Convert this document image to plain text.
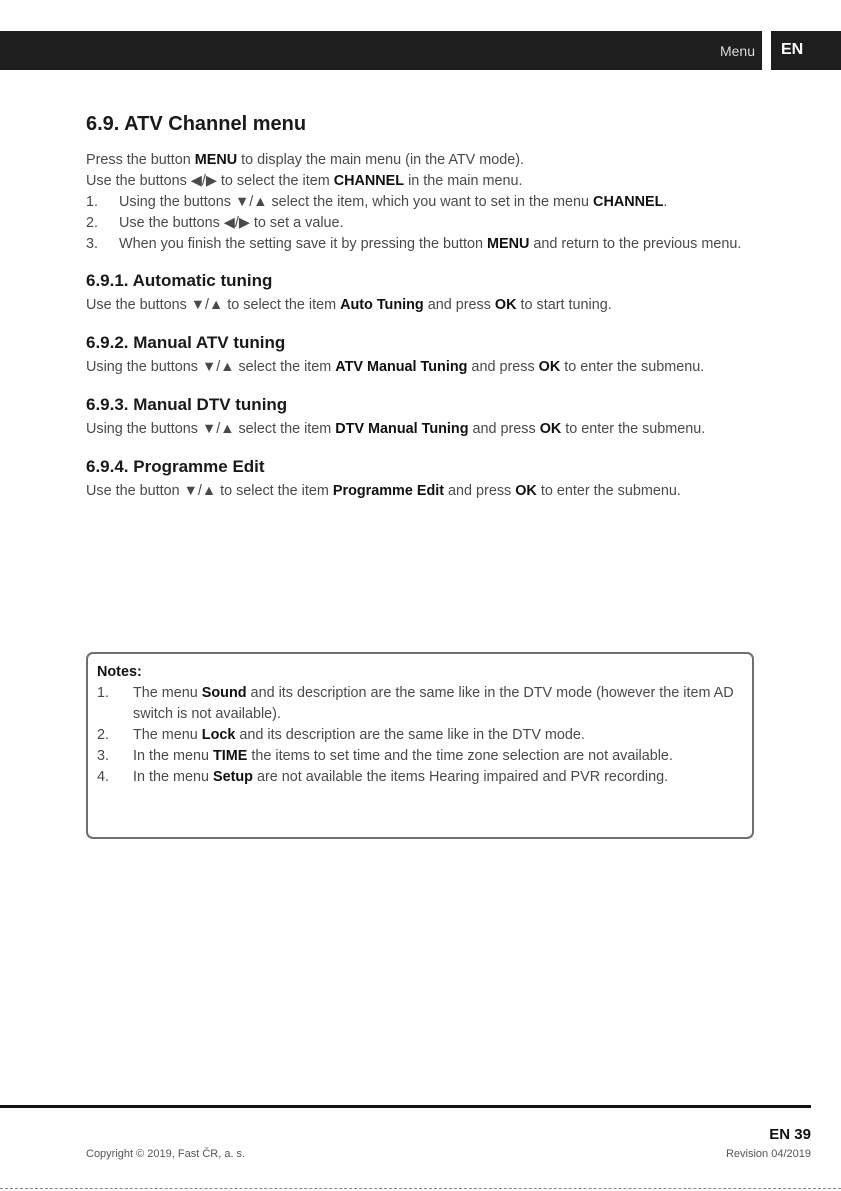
Menu	EN
6.9. ATV Channel menu

Press the button MENU to display the main menu (in the ATV mode).

Use the buttons ◀/▶ to select the item CHANNEL in the main menu.

1. Using the buttons ▼/▲ select the item, which you want to set in the menu CHANNEL.
2. Use the buttons ◀/▶ to set a value.
3. When you finish the setting save it by pressing the button MENU and return to the previous menu.
6.9.1. Automatic tuning

Use the buttons ▼/▲ to select the item Auto Tuning and press OK to start tuning.

6.9.2. Manual ATV tuning

Using the buttons ▼/▲ select the item ATV Manual Tuning and press OK to enter the submenu.

6.9.3. Manual DTV tuning

Using the buttons ▼/▲ select the item DTV Manual Tuning and press OK to enter the submenu.

6.9.4. Programme Edit

Use the button ▼/▲ to select the item Programme Edit and press OK to enter the submenu.

Notes:
1. The menu Sound and its description are the same like in the DTV mode (however the item AD switch is not available).
2. The menu Lock and its description are the same like in the DTV mode.
3. In the menu TIME the items to set time and the time zone selection are not available.
4. In the menu Setup are not available the items Hearing impaired and PVR recording.
Copyright © 2019, Fast ČR, a. s.
EN 39
Revision 04/2019
